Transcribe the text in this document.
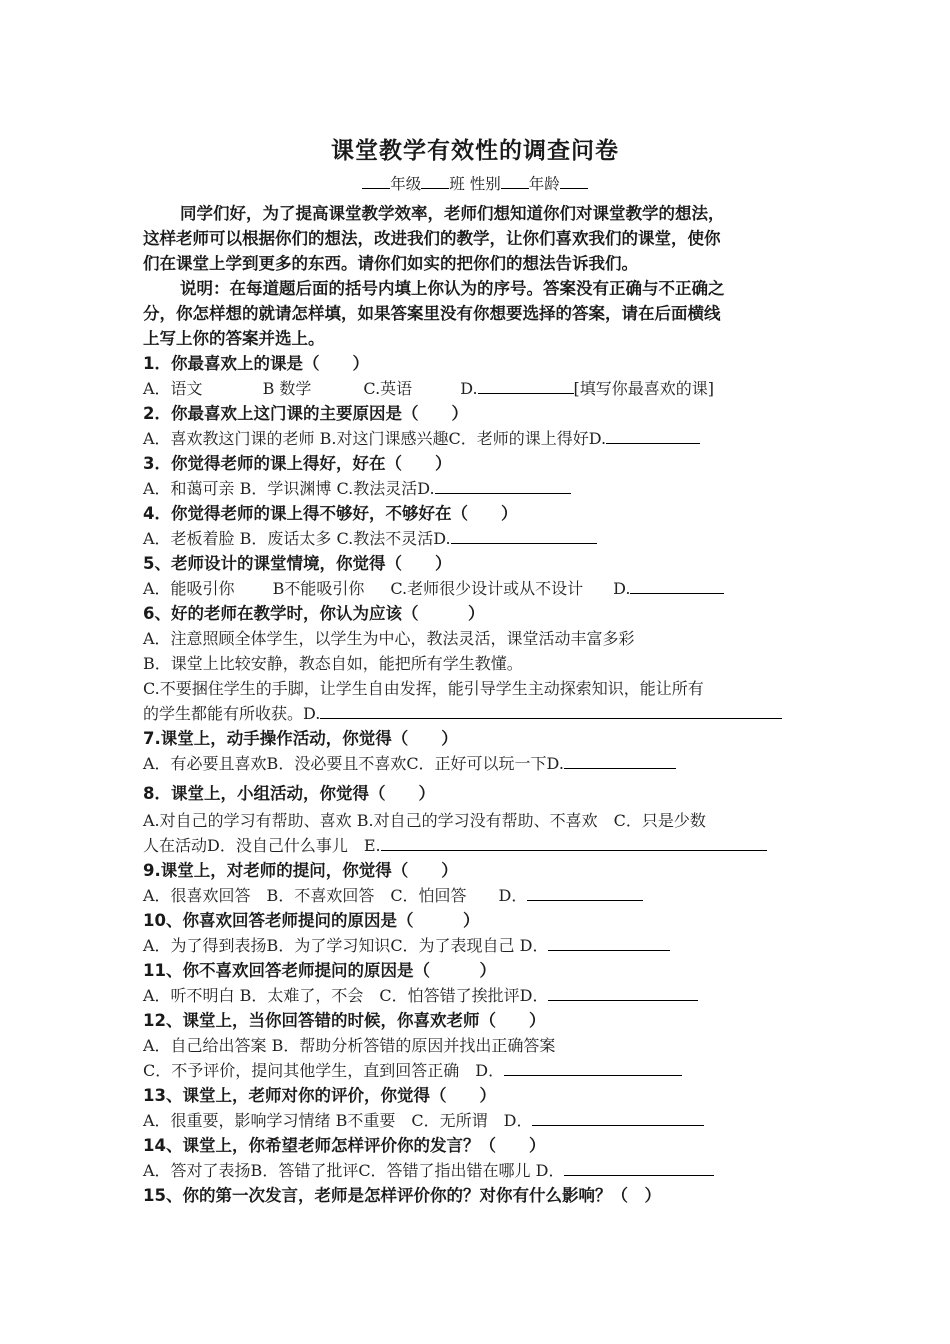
课堂教学有效性的调查问卷
年级 班 性别 年龄
同学们好，为了提高课堂教学效率，老师们想知道你们对课堂教学的想法，
这样老师可以根据你们的想法，改进我们的教学，让你们喜欢我们的课堂，使你
们在课堂上学到更多的东西。请你们如实的把你们的想法告诉我们。
说明：在每道题后面的括号内填上你认为的序号。答案没有正确与不正确之
分，你怎样想的就请怎样填，如果答案里没有你想要选择的答案，请在后面横线
上写上你的答案并选上。
1．你最喜欢上的课是（　　）
A．语文	B 数学	C.英语	D.	[填写你最喜欢的课]
2．你最喜欢上这门课的主要原因是（　　）
A．喜欢教这门课的老师 B.对这门课感兴趣C．老师的课上得好D.
3．你觉得老师的课上得好，好在（　　）
A．和蔼可亲 B．学识渊博 C.教法灵活D.
4．你觉得老师的课上得不够好，不够好在（　　）
A．老板着脸 B．废话太多 C.教法不灵活D.
5、老师设计的课堂情境，你觉得（　　）
A．能吸引你 B不能吸引你 C.老师很少设计或从不设计 D.
6、好的老师在教学时，你认为应该（　　　）
A．注意照顾全体学生，以学生为中心，教法灵活，课堂活动丰富多彩
B．课堂上比较安静，教态自如，能把所有学生教懂。
C.不要捆住学生的手脚，让学生自由发挥，能引导学生主动探索知识，能让所有
的学生都能有所收获。D.
7.课堂上，动手操作活动，你觉得（　　）
A．有必要且喜欢B．没必要且不喜欢C．正好可以玩一下D.
8．课堂上，小组活动，你觉得（　　）
A.对自己的学习有帮助、喜欢 B.对自己的学习没有帮助、不喜欢　C．只是少数
人在活动D．没自己什么事儿　E.
9.课堂上，对老师的提问，你觉得（　　）
A．很喜欢回答　B．不喜欢回答　C．怕回答　　D．
10、你喜欢回答老师提问的原因是（　　　）
A．为了得到表扬B．为了学习知识C．为了表现自己 D．
11、你不喜欢回答老师提问的原因是（　　　）
A．听不明白 B．太难了，不会　C．怕答错了挨批评D．
12、课堂上，当你回答错的时候，你喜欢老师（　　）
A．自己给出答案 B．帮助分析答错的原因并找出正确答案
C．不予评价，提问其他学生，直到回答正确　D．
13、课堂上，老师对你的评价，你觉得（　　）
A．很重要，影响学习情绪 B不重要　C．无所谓　D．
14、课堂上，你希望老师怎样评价你的发言？（　　）
A．答对了表扬B．答错了批评C．答错了指出错在哪儿 D．
15、你的第一次发言，老师是怎样评价你的？对你有什么影响？（　）
